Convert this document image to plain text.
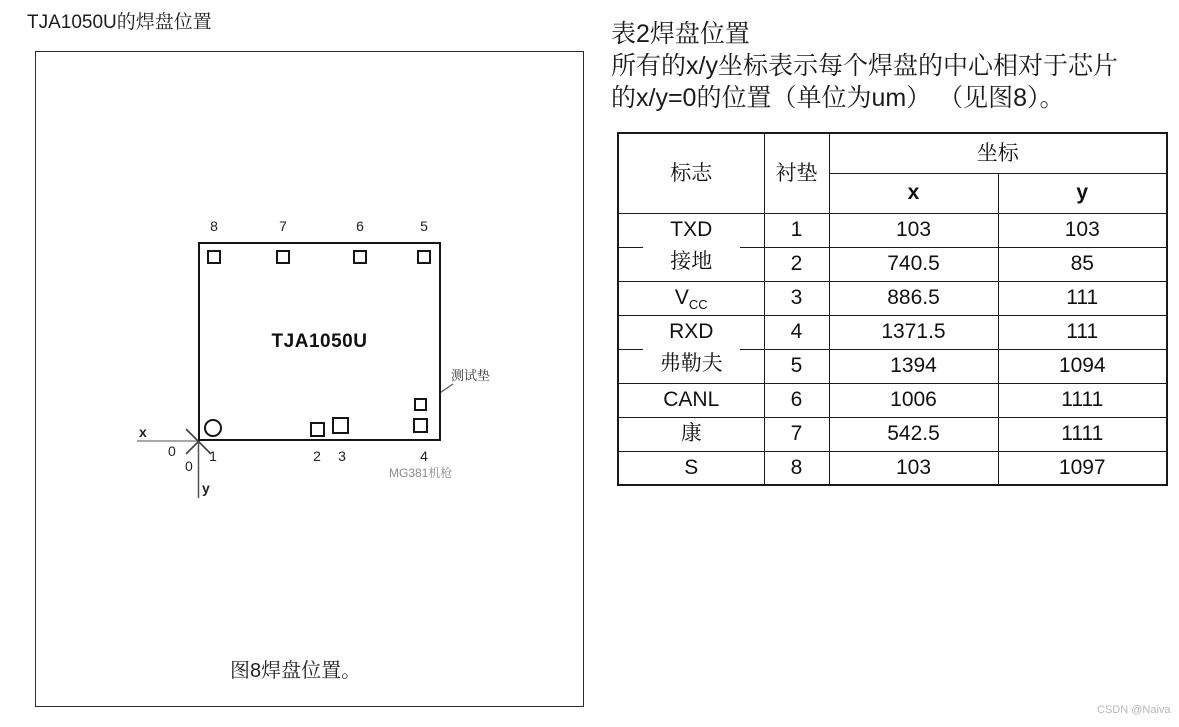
TJA1050U的焊盘位置
TJA1050U
8	7	6	5
1	2 3	4
x
0
0
y
测试垫
MG381机枪
图8焊盘位置。
表2焊盘位置
所有的x/y坐标表示每个焊盘的中心相对于芯片
的x/y=0的位置（单位为um） （见图8）。
标志	衬垫	坐标	
		x	y
TXD	1	103	103

接地	2	740.5	85
$V_{CC}$	3	886.5	111
RXD	4	1371.5	111

弗勒夫	5	1394	1094
CANL	6	1006	1111
康	7	542.5	1111
S	8	103	1097
CSDN @Naiva
